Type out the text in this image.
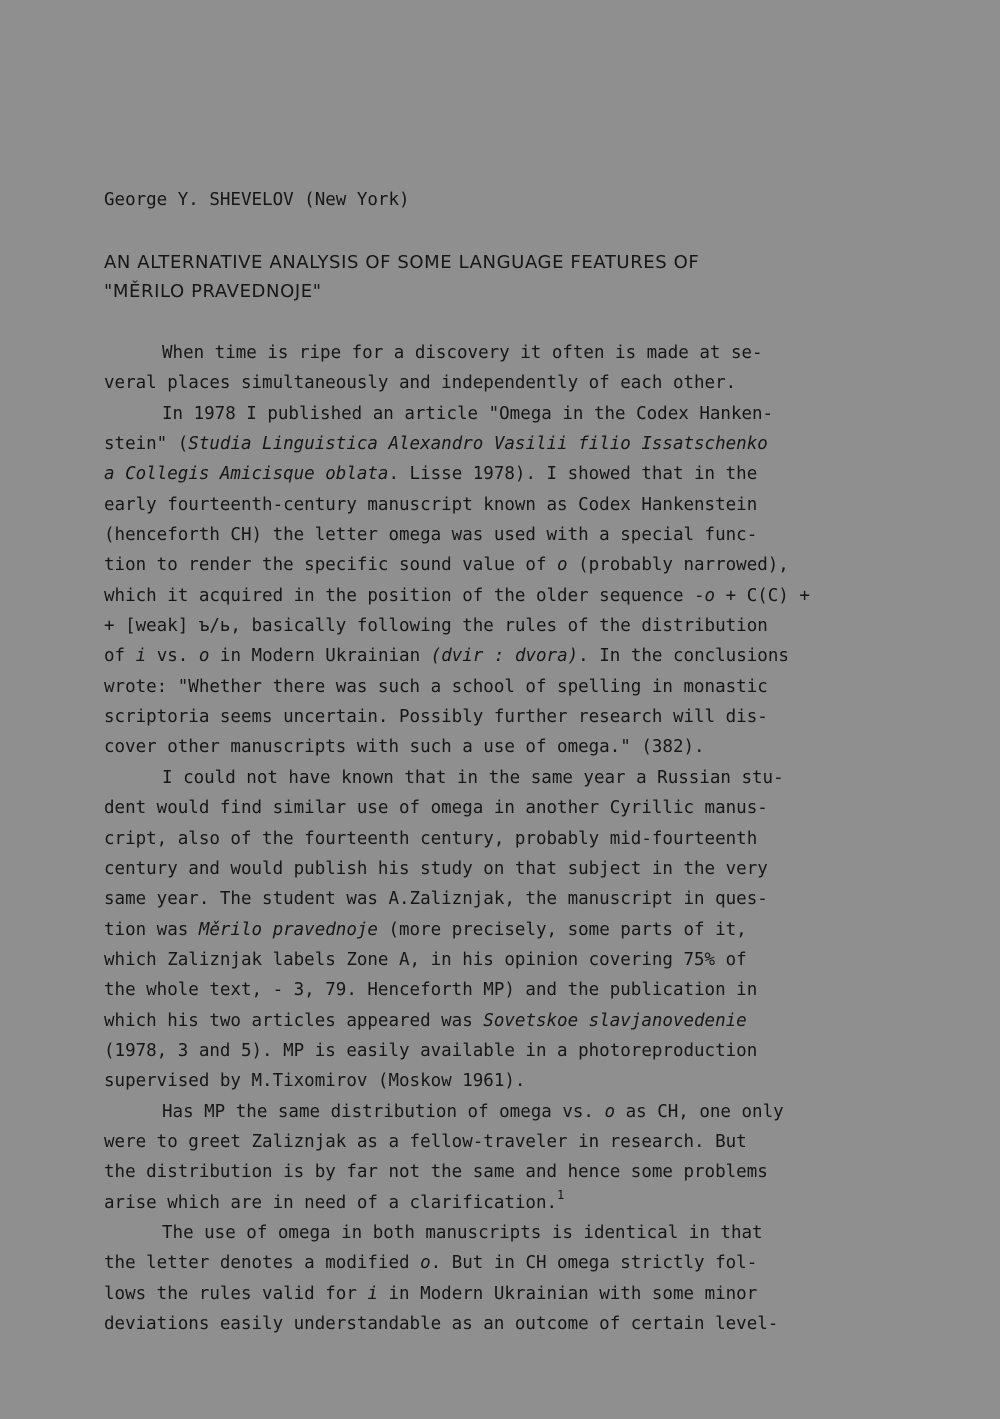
George Y. SHEVELOV (New York)
AN ALTERNATIVE ANALYSIS OF SOME LANGUAGE FEATURES OF
"MĚRILO PRAVEDNOJE"
When time is ripe for a discovery it often is made at se-
veral places simultaneously and independently of each other.
In 1978 I published an article "Omega in the Codex Hanken-
stein" (Studia Linguistica Alexandro Vasilii filio Issatschenko
a Collegis Amicisque oblata. Lisse 1978). I showed that in the
early fourteenth-century manuscript known as Codex Hankenstein
(henceforth CH) the letter omega was used with a special func-
tion to render the specific sound value of o (probably narrowed),
which it acquired in the position of the older sequence -o + C(C) +
+ [weak] ъ/ь, basically following the rules of the distribution
of i vs. o in Modern Ukrainian (dvir : dvora). In the conclusions
wrote: "Whether there was such a school of spelling in monastic
scriptoria seems uncertain. Possibly further research will dis-
cover other manuscripts with such a use of omega." (382).
I could not have known that in the same year a Russian stu-
dent would find similar use of omega in another Cyrillic manus-
cript, also of the fourteenth century, probably mid-fourteenth
century and would publish his study on that subject in the very
same year. The student was A.Zaliznjak, the manuscript in ques-
tion was Měrilo pravednoje (more precisely, some parts of it,
which Zaliznjak labels Zone A, in his opinion covering 75% of
the whole text, - 3, 79. Henceforth MP) and the publication in
which his two articles appeared was Sovetskoe slavjanovedenie
(1978, 3 and 5). MP is easily available in a photoreproduction
supervised by M.Tixomirov (Moskow 1961).
Has MP the same distribution of omega vs. o as CH, one only
were to greet Zaliznjak as a fellow-traveler in research. But
the distribution is by far not the same and hence some problems
arise which are in need of a clarification.$^1$
The use of omega in both manuscripts is identical in that
the letter denotes a modified o. But in CH omega strictly fol-
lows the rules valid for i in Modern Ukrainian with some minor
deviations easily understandable as an outcome of certain level-
